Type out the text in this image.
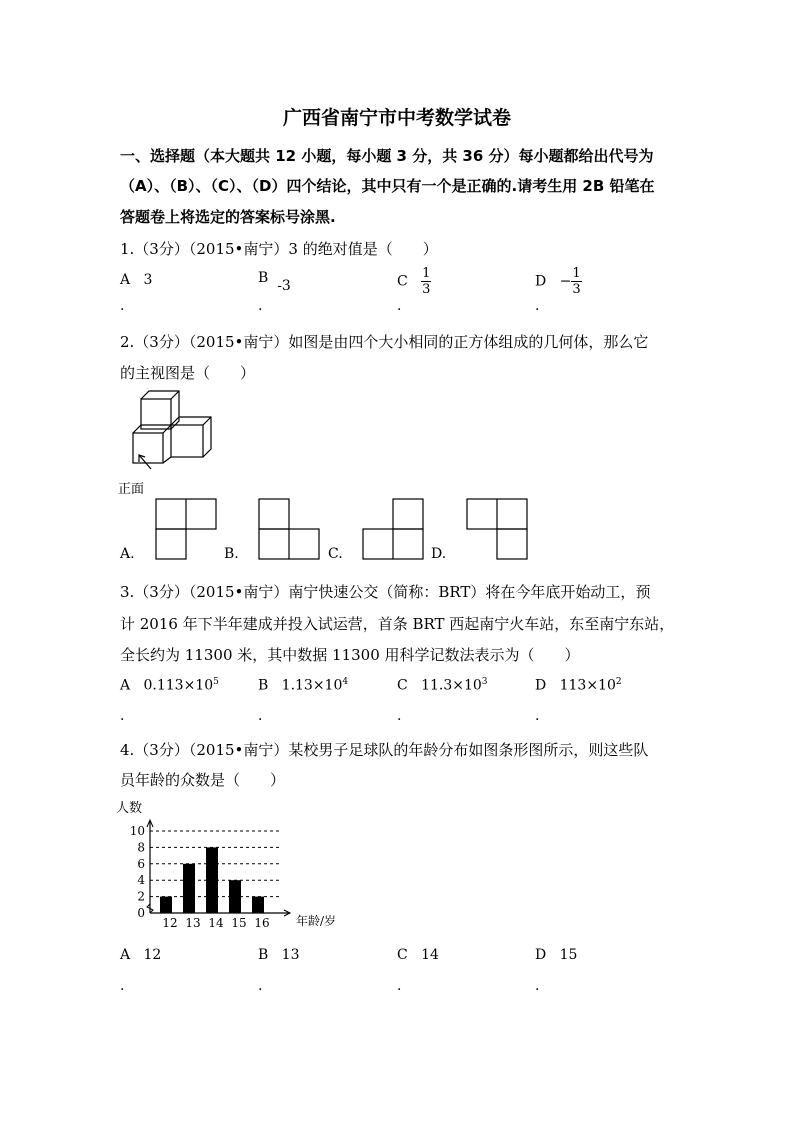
广西省南宁市中考数学试卷
一、选择题（本大题共 12 小题，每小题 3 分，共 36 分）每小题都给出代号为
（A）、（B）、（C）、（D）四个结论，其中只有一个是正确的.请考生用 2B 铅笔在
答题卷上将选定的答案标号涂黑.
1.（3分）（2015•南宁）3 的绝对值是（　　）
A 3	B -3	C $\frac{1}{3}$	$D - \frac{1}{3}$
.	.	.	.
2.（3分）（2015•南宁）如图是由四个大小相同的正方体组成的几何体，那么它
的主视图是（　　）
正面
A.	B.	C.	D.
3.（3分）（2015•南宁）南宁快速公交（简称：BRT）将在今年底开始动工，预
计 2016 年下半年建成并投入试运营，首条 BRT 西起南宁火车站，东至南宁东站，
全长约为 11300 米，其中数据 11300 用科学记数法表示为（　　）
A $0.113\times 10^5$	B $1.13\times 10^4$	C $11.3\times 10^3$	D $113\times 10^2$
.	.	.	.
4.（3分）（2015•南宁）某校男子足球队的年龄分布如图条形图所示，则这些队
员年龄的众数是（　　）
人数
年龄/岁
0
2
4
6
8
10
12 13 14 15 16
A 12	B 13	C 14	D 15
.	.	.	.
